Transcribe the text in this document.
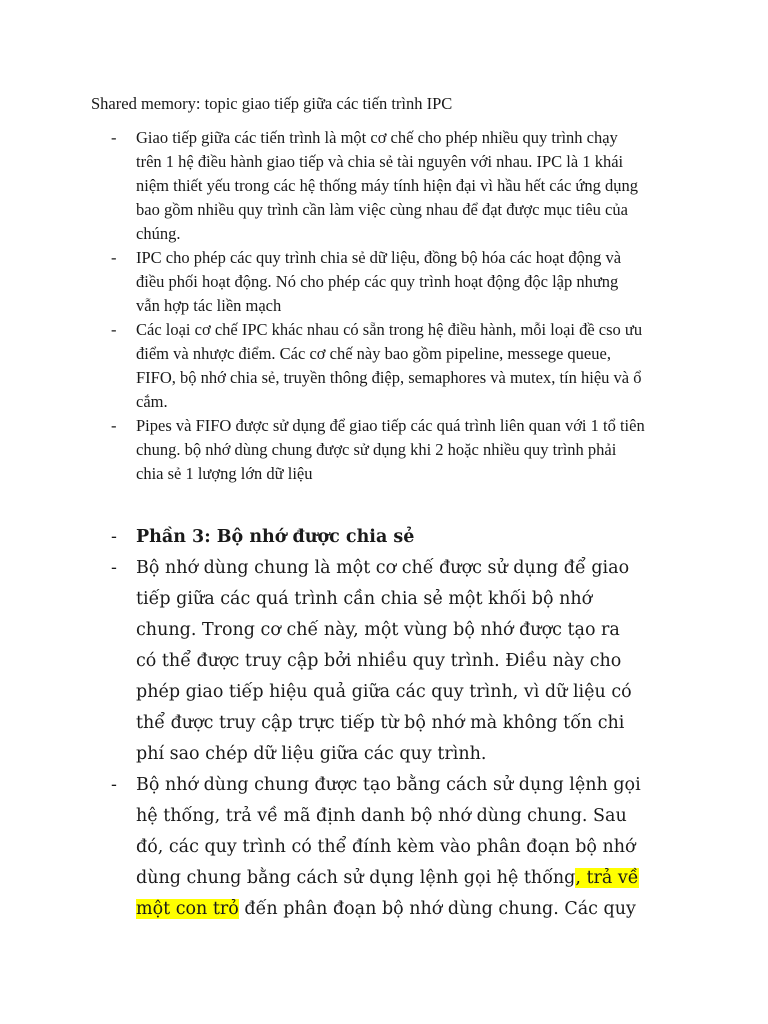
Shared memory: topic giao tiếp giữa các tiến trình IPC
- Giao tiếp giữa các tiến trình là một cơ chế cho phép nhiều quy trình chạy
trên 1 hệ điều hành giao tiếp và chia sẻ tài nguyên với nhau. IPC là 1 khái
niệm thiết yếu trong các hệ thống máy tính hiện đại vì hầu hết các ứng dụng
bao gồm nhiều quy trình cần làm việc cùng nhau để đạt được mục tiêu của
chúng.
- IPC cho phép các quy trình chia sẻ dữ liệu, đồng bộ hóa các hoạt động và
điều phối hoạt động. Nó cho phép các quy trình hoạt động độc lập nhưng
vẫn hợp tác liền mạch
- Các loại cơ chế IPC khác nhau có sẵn trong hệ điều hành, mỗi loại đề cso ưu
điểm và nhược điểm. Các cơ chế này bao gồm pipeline, messege queue,
FIFO, bộ nhớ chia sẻ, truyền thông điệp, semaphores và mutex, tín hiệu và ổ
cắm.
- Pipes và FIFO được sử dụng để giao tiếp các quá trình liên quan với 1 tổ tiên
chung. bộ nhớ dùng chung được sử dụng khi 2 hoặc nhiều quy trình phải
chia sẻ 1 lượng lớn dữ liệu
- Phần 3: Bộ nhớ được chia sẻ
- Bộ nhớ dùng chung là một cơ chế được sử dụng để giao
tiếp giữa các quá trình cần chia sẻ một khối bộ nhớ
chung. Trong cơ chế này, một vùng bộ nhớ được tạo ra
có thể được truy cập bởi nhiều quy trình. Điều này cho
phép giao tiếp hiệu quả giữa các quy trình, vì dữ liệu có
thể được truy cập trực tiếp từ bộ nhớ mà không tốn chi
phí sao chép dữ liệu giữa các quy trình.
- Bộ nhớ dùng chung được tạo bằng cách sử dụng lệnh gọi
hệ thống, trả về mã định danh bộ nhớ dùng chung. Sau
đó, các quy trình có thể đính kèm vào phân đoạn bộ nhớ
dùng chung bằng cách sử dụng lệnh gọi hệ thống, trả về
một con trỏ đến phân đoạn bộ nhớ dùng chung. Các quy
